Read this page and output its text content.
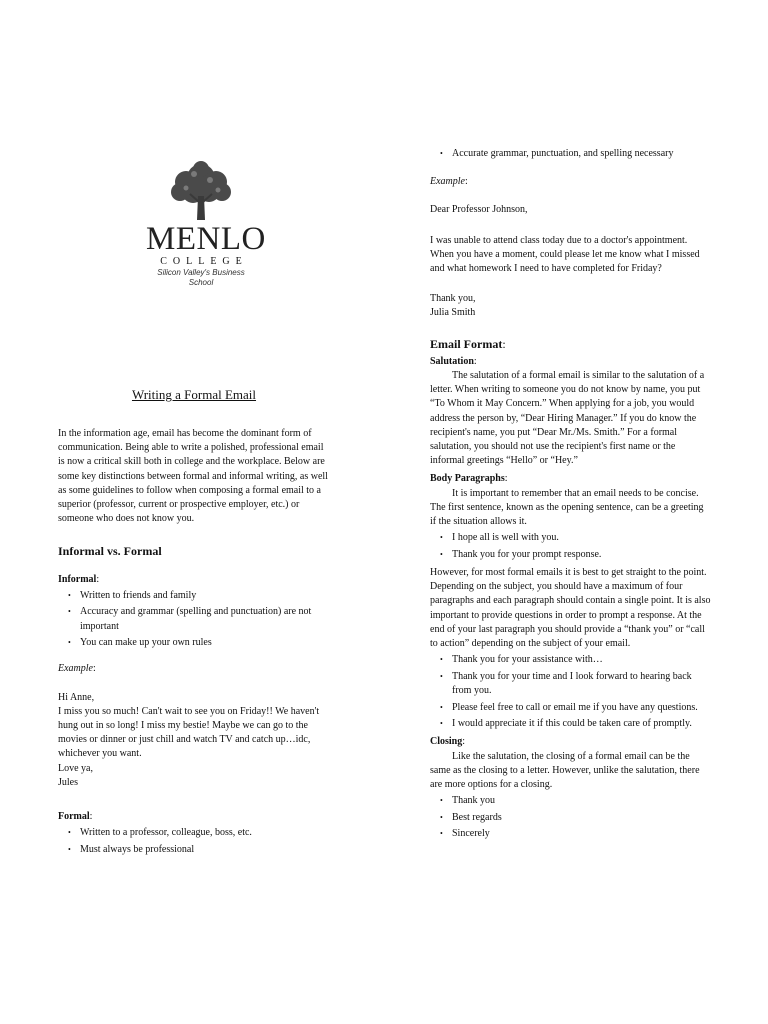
MENLO
COLLEGE
Silicon Valley's Business School
Writing a Formal Email

In the information age, email has become the dominant form of communication. Being able to write a polished, professional email is now a critical skill both in college and the workplace. Below are some key distinctions between formal and informal writing, as well as some guidelines to follow when composing a formal email to a superior (professor, current or prospective employer, etc.) or someone who does not know you.

Informal vs. Formal

Informal:

• Written to friends and family
• Accuracy and grammar (spelling and punctuation) are not important
• You can make up your own rules

Example:

Hi Anne,

I miss you so much! Can't wait to see you on Friday!! We haven't hung out in so long! I miss my bestie! Maybe we can go to the movies or dinner or just chill and watch TV and catch up…idc, whichever you want.

Love ya,

Jules

Formal:

• Written to a professor, colleague, boss, etc.
• Must always be professional
• Accurate grammar, punctuation, and spelling necessary

Example:

Dear Professor Johnson,

I was unable to attend class today due to a doctor's appointment. When you have a moment, could please let me know what I missed and what homework I need to have completed for Friday?

Thank you,

Julia Smith

Email Format:

Salutation:

The salutation of a formal email is similar to the salutation of a letter. When writing to someone you do not know by name, you put “To Whom it May Concern.” When applying for a job, you would address the person by, “Dear Hiring Manager.” If you do know the recipient's name, you put “Dear Mr./Ms. Smith.” For a formal salutation, you should not use the recipient's first name or the informal greetings “Hello” or “Hey.”

Body Paragraphs:

It is important to remember that an email needs to be concise. The first sentence, known as the opening sentence, can be a greeting if the situation allows it.

• I hope all is well with you.
• Thank you for your prompt response.

However, for most formal emails it is best to get straight to the point. Depending on the subject, you should have a maximum of four paragraphs and each paragraph should contain a single point. It is also important to provide questions in order to prompt a response. At the end of your last paragraph you should provide a “thank you” or “call to action” depending on the subject of your email.

• Thank you for your assistance with…
• Thank you for your time and I look forward to hearing back from you.
• Please feel free to call or email me if you have any questions.
• I would appreciate it if this could be taken care of promptly.

Closing:

Like the salutation, the closing of a formal email can be the same as the closing to a letter. However, unlike the salutation, there are more options for a closing.

• Thank you
• Best regards
• Sincerely
